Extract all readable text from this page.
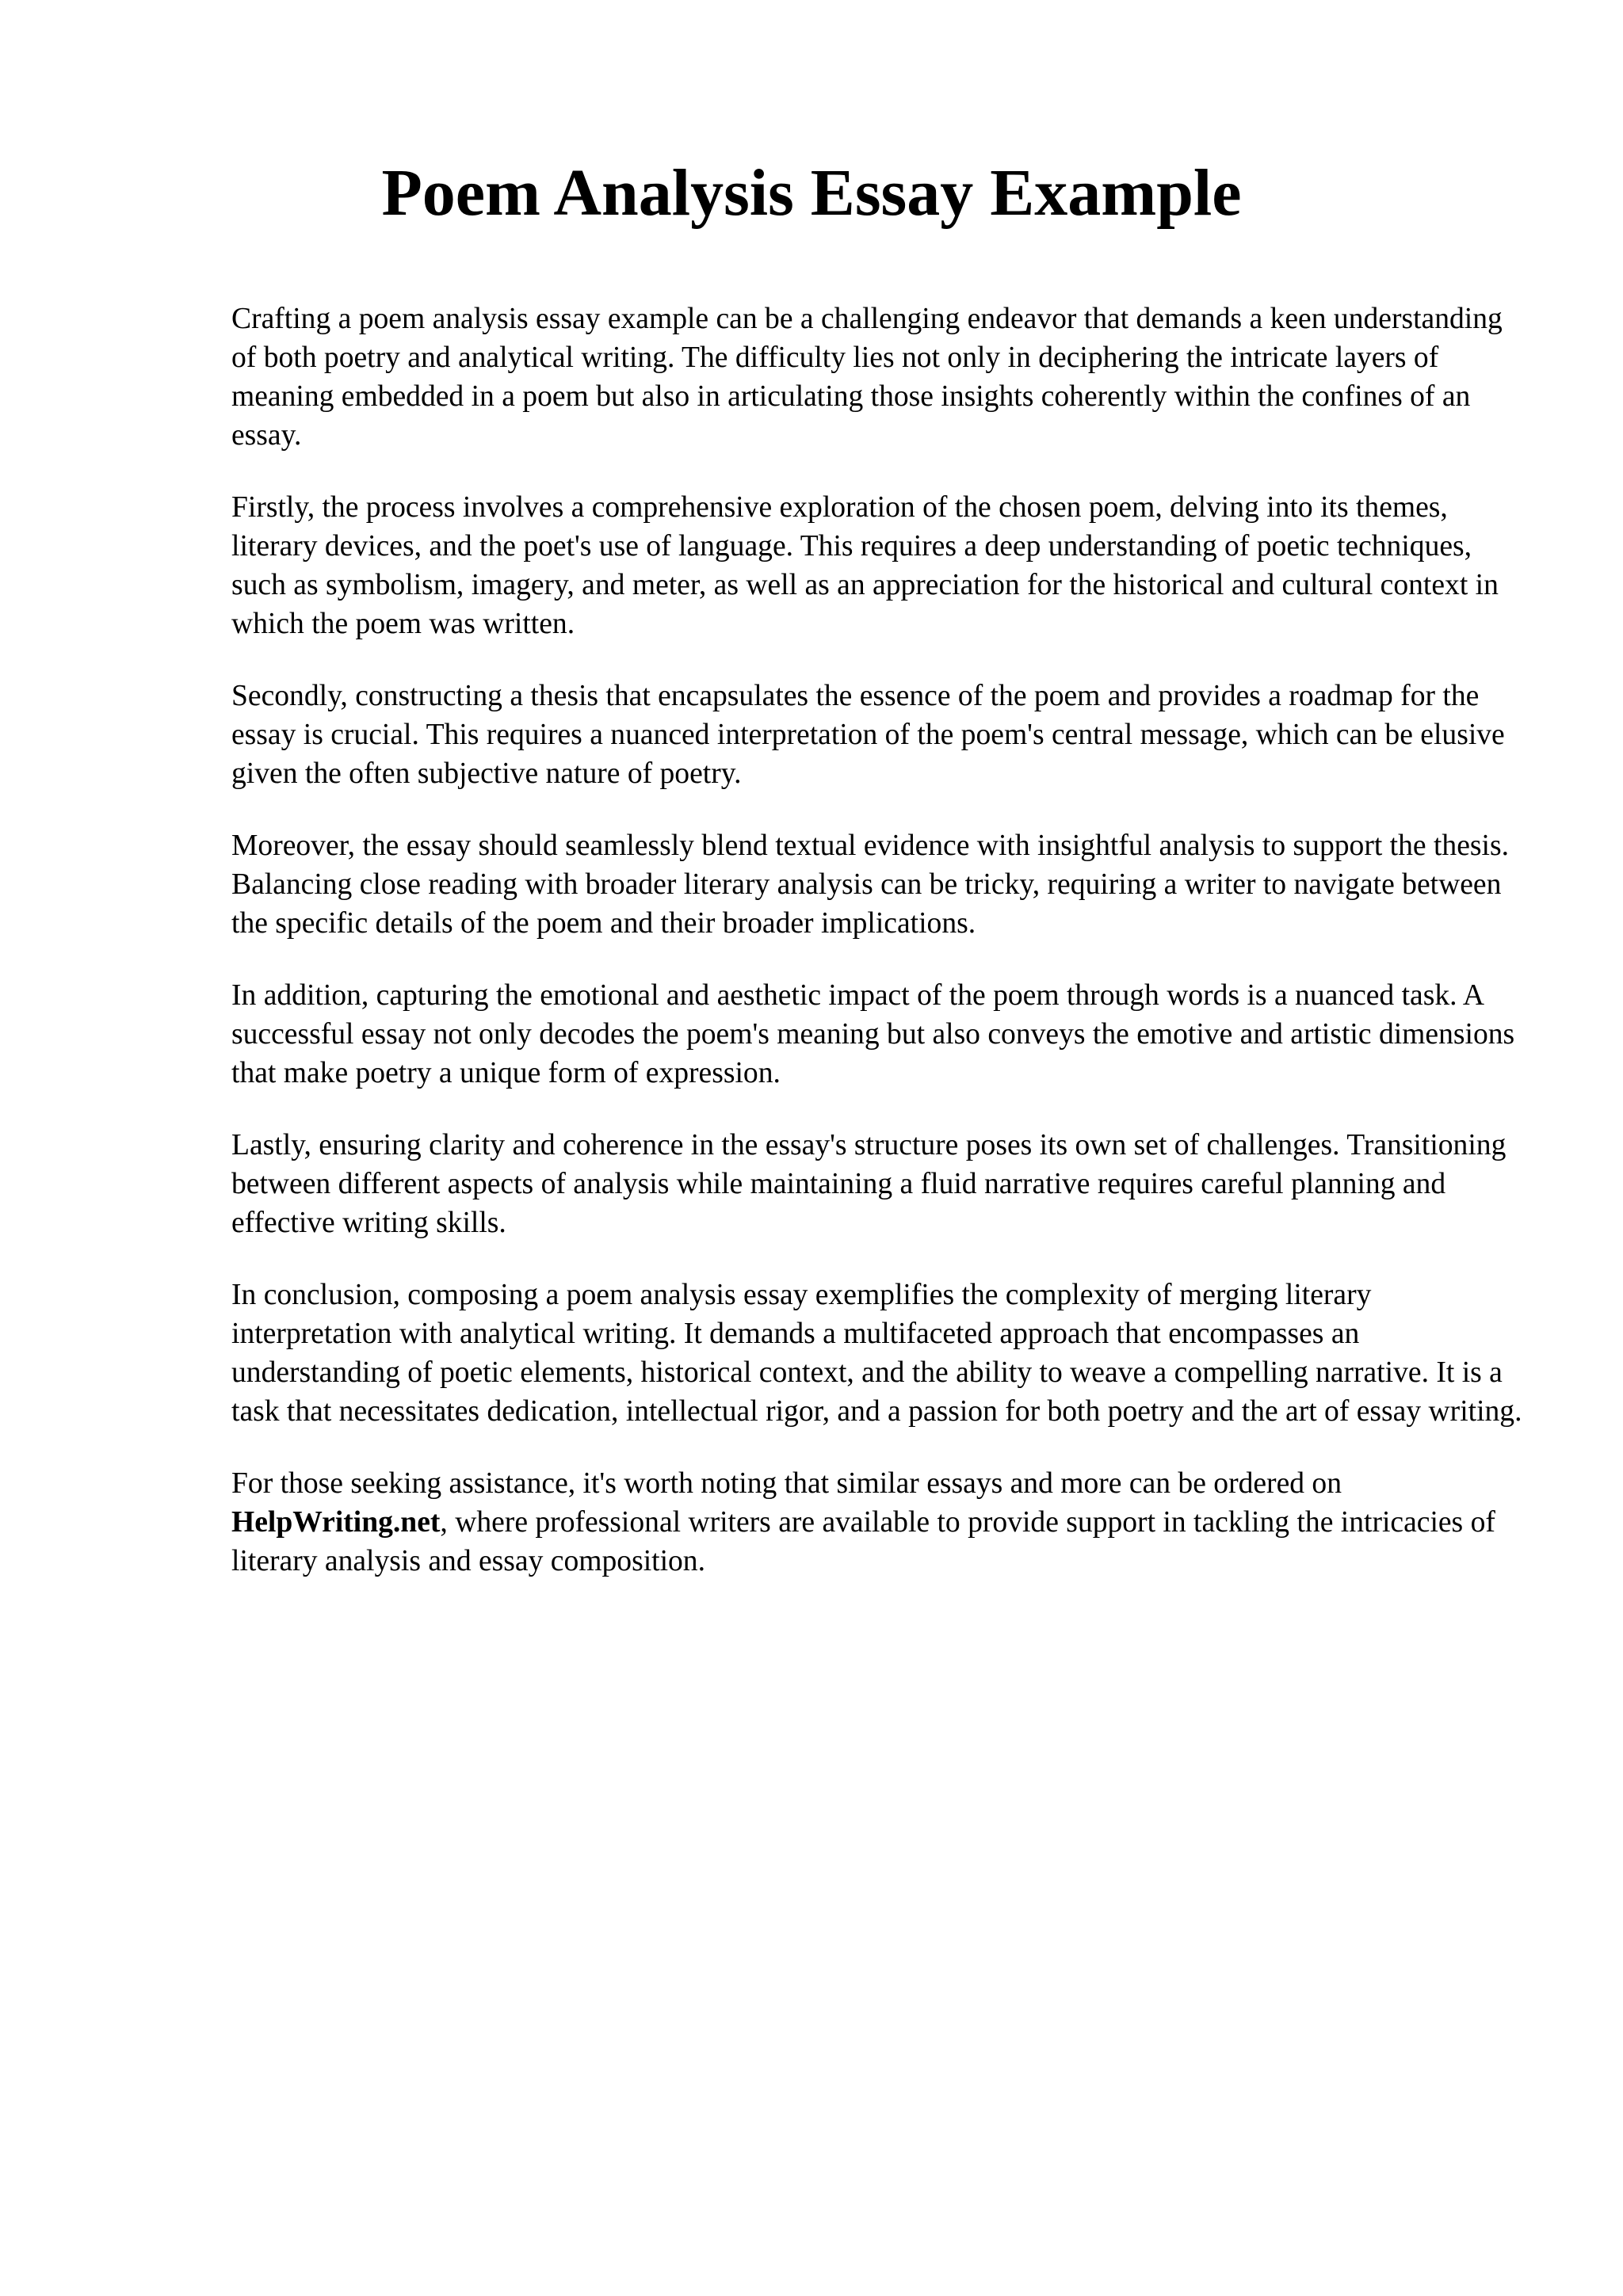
Poem Analysis Essay Example

Crafting a poem analysis essay example can be a challenging endeavor that demands a keen understanding of both poetry and analytical writing. The difficulty lies not only in deciphering the intricate layers of meaning embedded in a poem but also in articulating those insights coherently within the confines of an essay.

Firstly, the process involves a comprehensive exploration of the chosen poem, delving into its themes, literary devices, and the poet's use of language. This requires a deep understanding of poetic techniques, such as symbolism, imagery, and meter, as well as an appreciation for the historical and cultural context in which the poem was written.

Secondly, constructing a thesis that encapsulates the essence of the poem and provides a roadmap for the essay is crucial. This requires a nuanced interpretation of the poem's central message, which can be elusive given the often subjective nature of poetry.

Moreover, the essay should seamlessly blend textual evidence with insightful analysis to support the thesis. Balancing close reading with broader literary analysis can be tricky, requiring a writer to navigate between the specific details of the poem and their broader implications.

In addition, capturing the emotional and aesthetic impact of the poem through words is a nuanced task. A successful essay not only decodes the poem's meaning but also conveys the emotive and artistic dimensions that make poetry a unique form of expression.

Lastly, ensuring clarity and coherence in the essay's structure poses its own set of challenges. Transitioning between different aspects of analysis while maintaining a fluid narrative requires careful planning and effective writing skills.

In conclusion, composing a poem analysis essay exemplifies the complexity of merging literary interpretation with analytical writing. It demands a multifaceted approach that encompasses an understanding of poetic elements, historical context, and the ability to weave a compelling narrative. It is a task that necessitates dedication, intellectual rigor, and a passion for both poetry and the art of essay writing.

For those seeking assistance, it's worth noting that similar essays and more can be ordered on HelpWriting.net, where professional writers are available to provide support in tackling the intricacies of literary analysis and essay composition.
